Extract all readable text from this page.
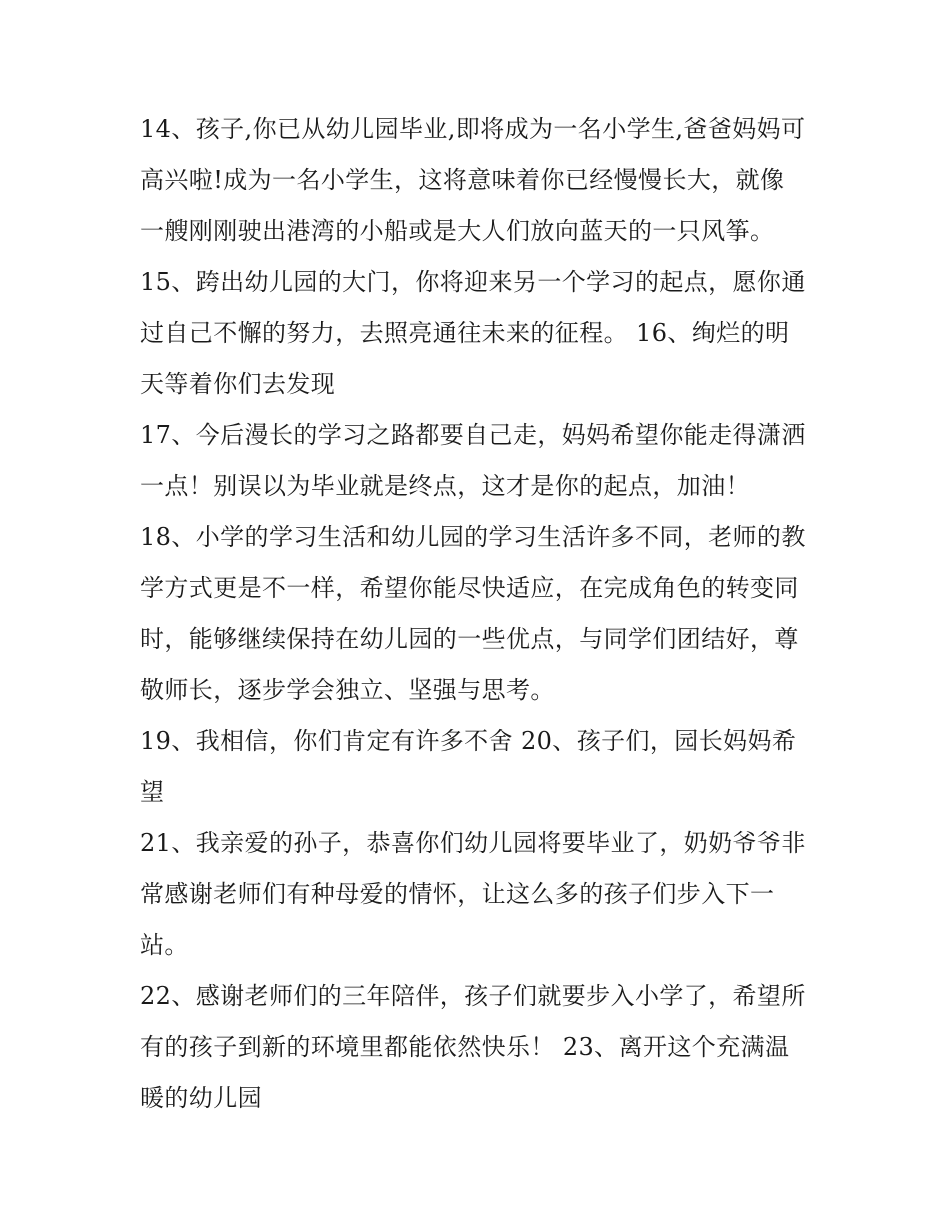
14、孩子,你已从幼儿园毕业,即将成为一名小学生,爸爸妈妈可
高兴啦!成为一名小学生，这将意味着你已经慢慢长大，就像
一艘刚刚驶出港湾的小船或是大人们放向蓝天的一只风筝。

15、跨出幼儿园的大门，你将迎来另一个学习的起点，愿你通
过自己不懈的努力，去照亮通往未来的征程。 16、绚烂的明
天等着你们去发现

17、今后漫长的学习之路都要自己走，妈妈希望你能走得潇洒
一点！别误以为毕业就是终点，这才是你的起点，加油！

18、小学的学习生活和幼儿园的学习生活许多不同，老师的教
学方式更是不一样，希望你能尽快适应，在完成角色的转变同
时，能够继续保持在幼儿园的一些优点，与同学们团结好，尊
敬师长，逐步学会独立、坚强与思考。

19、我相信，你们肯定有许多不舍 20、孩子们，园长妈妈希
望

21、我亲爱的孙子，恭喜你们幼儿园将要毕业了，奶奶爷爷非
常感谢老师们有种母爱的情怀，让这么多的孩子们步入下一
站。

22、感谢老师们的三年陪伴，孩子们就要步入小学了，希望所
有的孩子到新的环境里都能依然快乐！ 23、离开这个充满温
暖的幼儿园
